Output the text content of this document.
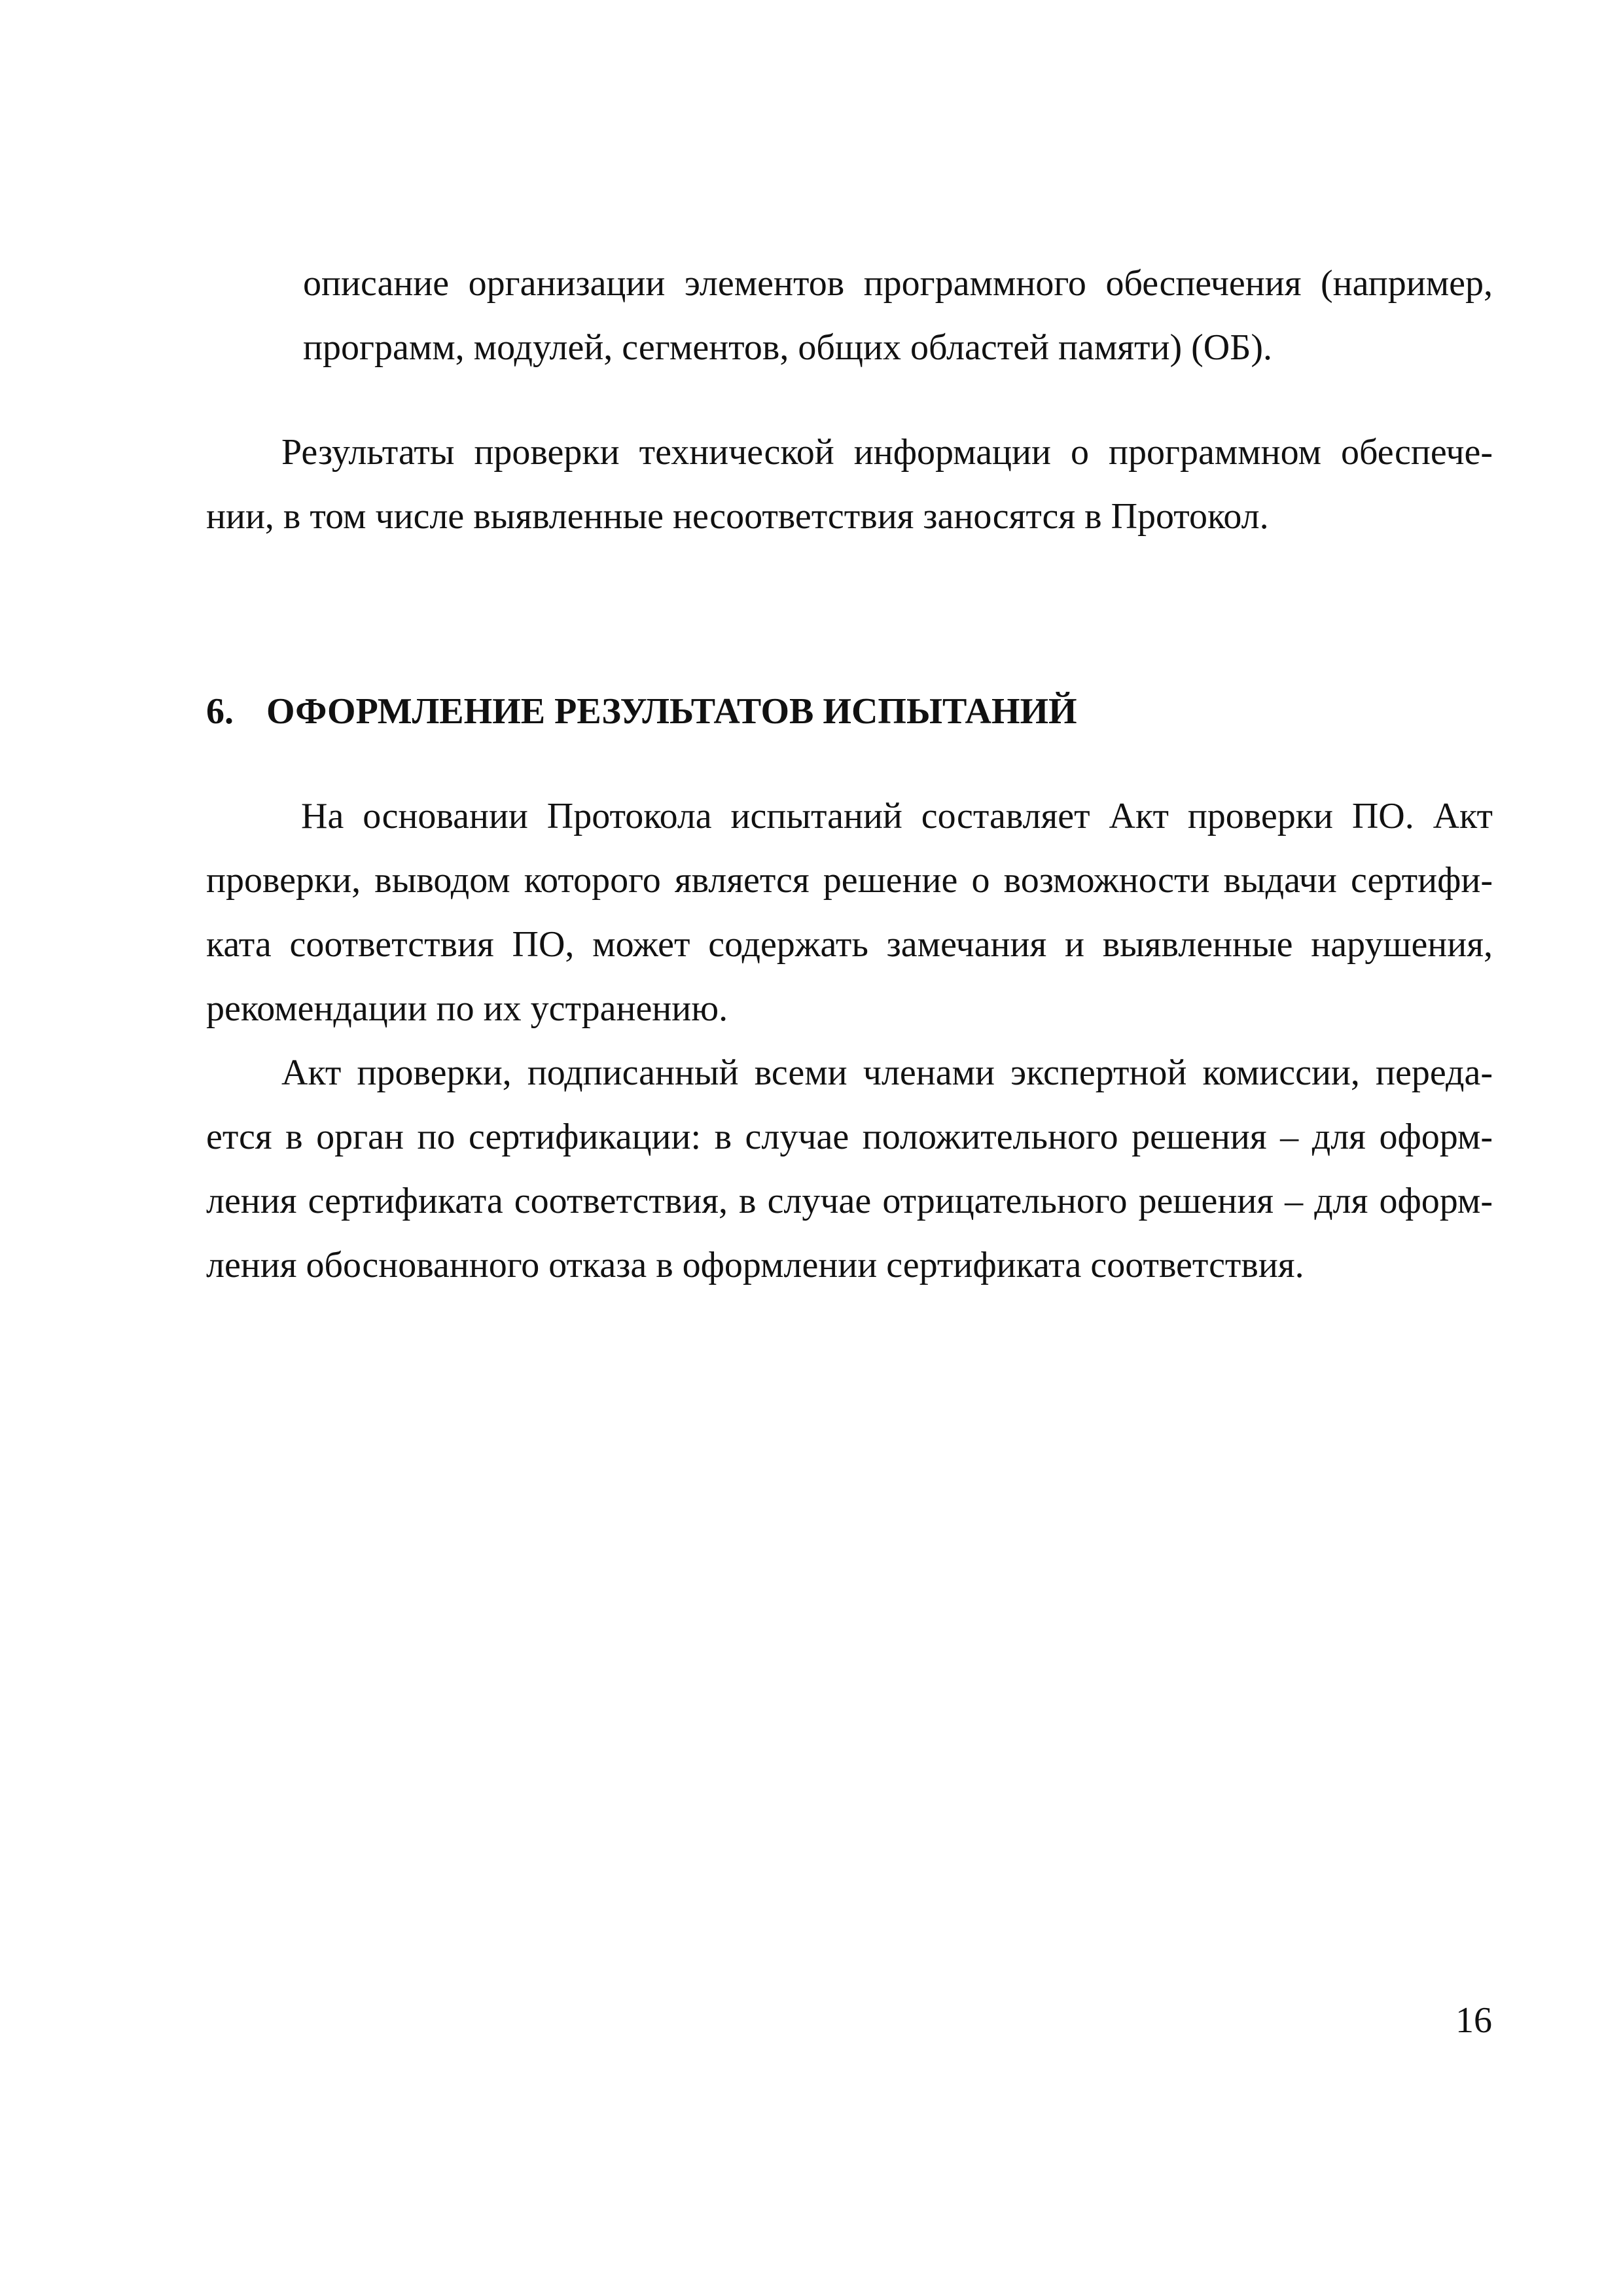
описание организации элементов программного обеспечения (например,
программ, модулей, сегментов, общих областей памяти) (ОБ).
Результаты проверки технической информации о программном обеспече-
нии, в том числе выявленные несоответствия заносятся в Протокол.
6. ОФОРМЛЕНИЕ РЕЗУЛЬТАТОВ ИСПЫТАНИЙ
На основании Протокола испытаний составляет Акт проверки ПО. Акт
проверки, выводом которого является решение о возможности выдачи сертифи-
ката соответствия ПО, может содержать замечания и выявленные нарушения,
рекомендации по их устранению.
Акт проверки, подписанный всеми членами экспертной комиссии, переда-
ется в орган по сертификации: в случае положительного решения – для оформ-
ления сертификата соответствия, в случае отрицательного решения – для оформ-
ления обоснованного отказа в оформлении сертификата соответствия.
16
